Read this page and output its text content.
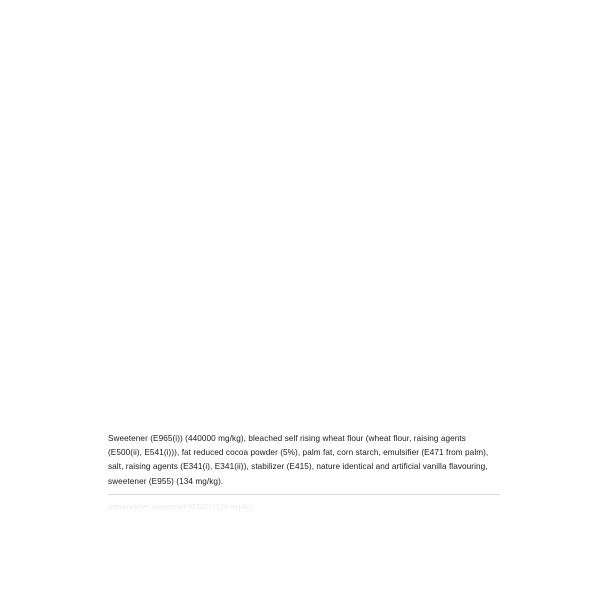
Sweetener (E965(i)) (440000 mg/kg), bleached self rising wheat flour (wheat flour, raising agents (E500(ii), E541(i))), fat reduced cocoa powder (5%), palm fat, corn starch, emulsifier (E471 from palm), salt, raising agents (E341(i), E341(ii)), stabilizer (E415), nature identical and artificial vanilla flavouring, sweetener (E955) (134 mg/kg).

preservative sweetener (E322) (134 mg/kg)
